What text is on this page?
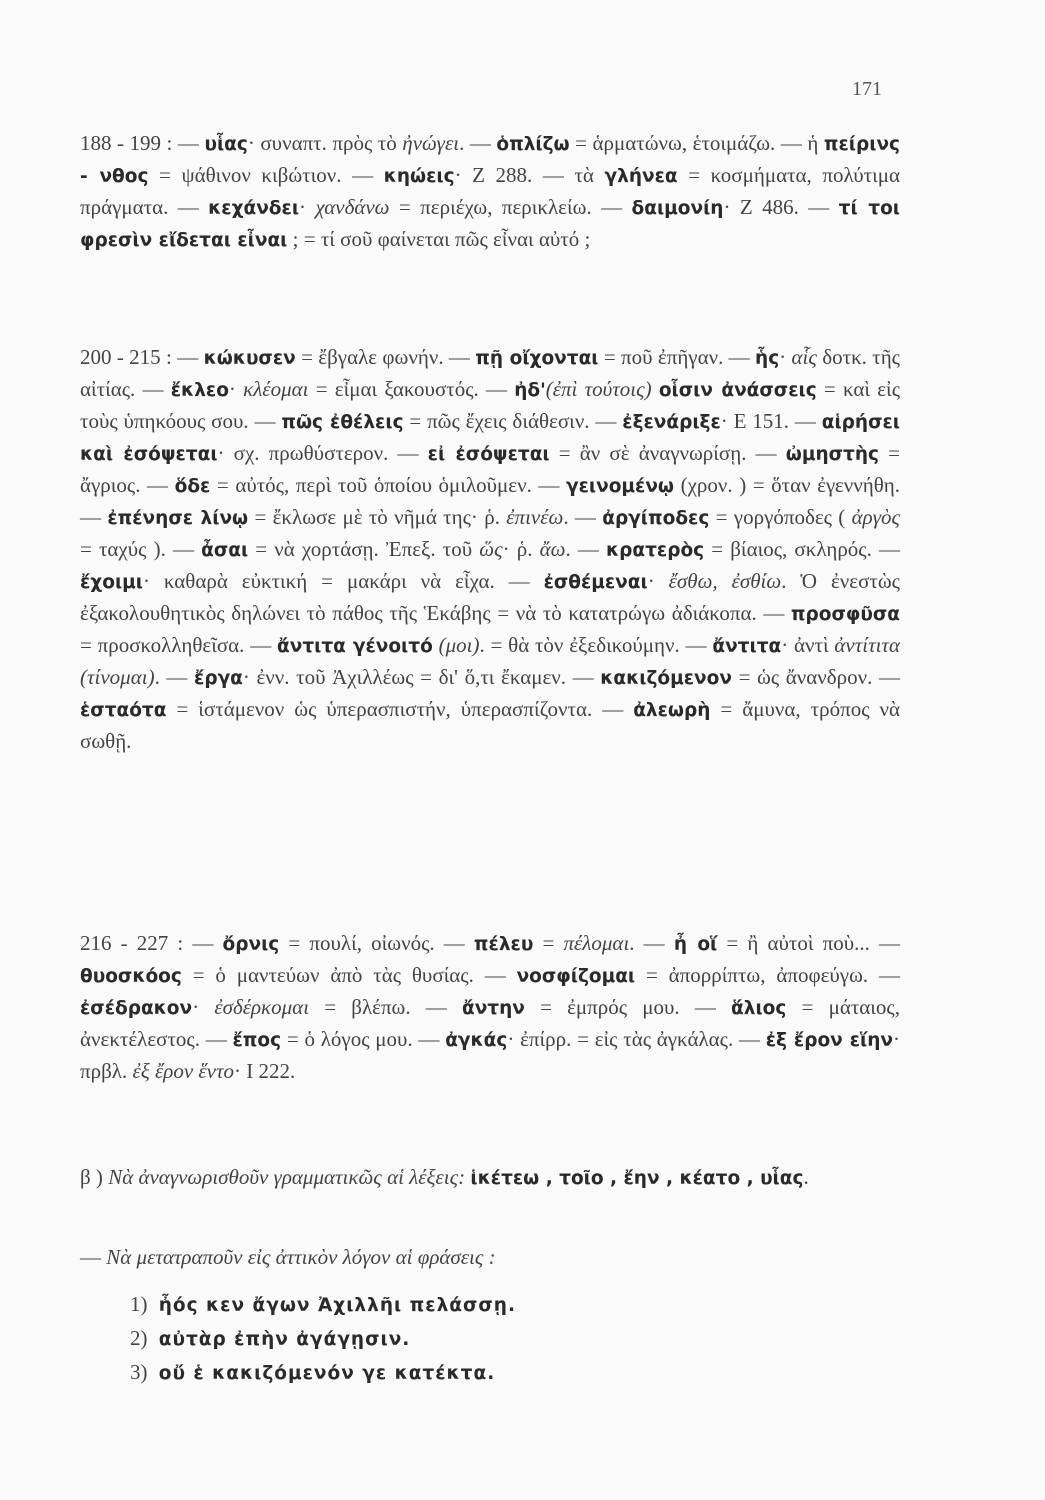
171
188 - 199 : — υἷας· συναπτ. πρὸς τὸ ἠνώγει. — ὁπλίζω = ἁρματώνω, ἑτοιμάζω. — ἡ πείρινς - νθος = ψάθινον κιβώτιον. — κηώεις· Ζ 288. — τὰ γλήνεα = κοσμήματα, πολύτιμα πράγματα. — κεχάνδει· χανδάνω = περιέχω, περικλείω. — δαιμονίη· Ζ 486. — τί τοι φρεσὶν εἴδεται εἶναι ; = τί σοῦ φαίνεται πῶς εἶναι αὐτό ;
200 - 215 : — κώκυσεν = ἔβγαλε φωνήν. — πῇ οἴχονται = ποῦ ἐπῆγαν. — ἧς· αἷς δοτκ. τῆς αἰτίας. — ἔκλεο· κλέομαι = εἶμαι ξακουστός. — ἠδ'(ἐπὶ τούτοις) οἷσιν ἀνάσσεις = καὶ εἰς τοὺς ὑπηκόους σου. — πῶς ἐθέλεις = πῶς ἔχεις διάθεσιν. — ἐξενάριξε· Ε 151. — αἱρήσει καὶ ἐσόψεται· σχ. πρωθύστερον. — εἰ ἐσόψεται = ἂν σὲ ἀναγνωρίσῃ. — ὠμηστὴς = ἄγριος. — ὅδε = αὐτός, περὶ τοῦ ὁποίου ὁμιλοῦμεν. — γεινομένῳ (χρον. ) = ὅταν ἐγεννήθη. — ἐπένησε λίνῳ = ἔκλωσε μὲ τὸ νῆμά της· ῥ. ἐπινέω. — ἀργίποδες = γοργόποδες ( ἀργὸς = ταχύς ). — ἆσαι = νὰ χορτάσῃ. Ἐπεξ. τοῦ ὥς· ῥ. ἄω. — κρατερὸς = βίαιος, σκληρός. — ἔχοιμι· καθαρὰ εὐκτική = μακάρι νὰ εἶχα. — ἐσθέμεναι· ἔσθω, ἐσθίω. Ὁ ἐνεστὼς ἐξακολουθητικὸς δηλώνει τὸ πάθος τῆς Ἑκάβης = νὰ τὸ κατατρώγω ἀδιάκοπα. — προσφῦσα = προσκολληθεῖσα. — ἄντιτα γένοιτό (μοι). = θὰ τὸν ἐξεδικούμην. — ἄντιτα· ἀντὶ ἀντίτιτα (τίνομαι). — ἔργα· ἐνν. τοῦ Ἀχιλλέως = δι' ὅ,τι ἔκαμεν. — κακιζόμενον = ὡς ἄνανδρον. — ἑσταότα = ἱστάμενον ὡς ὑπερασπιστήν, ὑπερασπίζοντα. — ἀλεωρὴ = ἄμυνα, τρόπος νὰ σωθῇ.
216 - 227 : — ὄρνις = πουλί, οἰωνός. — πέλευ = πέλομαι. — ἦ οἵ = ἢ αὐτοὶ ποὺ... — θυοσκόος = ὁ μαντεύων ἀπὸ τὰς θυσίας. — νοσφίζομαι = ἀπορρίπτω, ἀποφεύγω. — ἐσέδρακον· ἐσδέρκομαι = βλέπω. — ἄντην = ἐμπρός μου. — ἅλιος = μάταιος, ἀνεκτέλεστος. — ἔπος = ὁ λόγος μου. — ἀγκάς· ἐπίρρ. = εἰς τὰς ἀγκάλας. — ἐξ ἔρον εἵην· πρβλ. ἐξ ἔρον ἕντο· Ι 222.
β ) Νὰ ἀναγνωρισθοῦν γραμματικῶς αἱ λέξεις: ἱκέτεω , τοῖο , ἔην , κέατο , υἷας.
— Νὰ μετατραποῦν εἰς ἀττικὸν λόγον αἱ φράσεις :
1) ἦός κεν ἄγων Ἀχιλλῆι πελάσσῃ.
2) αὐτὰρ ἐπὴν ἀγάγῃσιν.
3) οὔ ἑ κακιζόμενόν γε κατέκτα.
